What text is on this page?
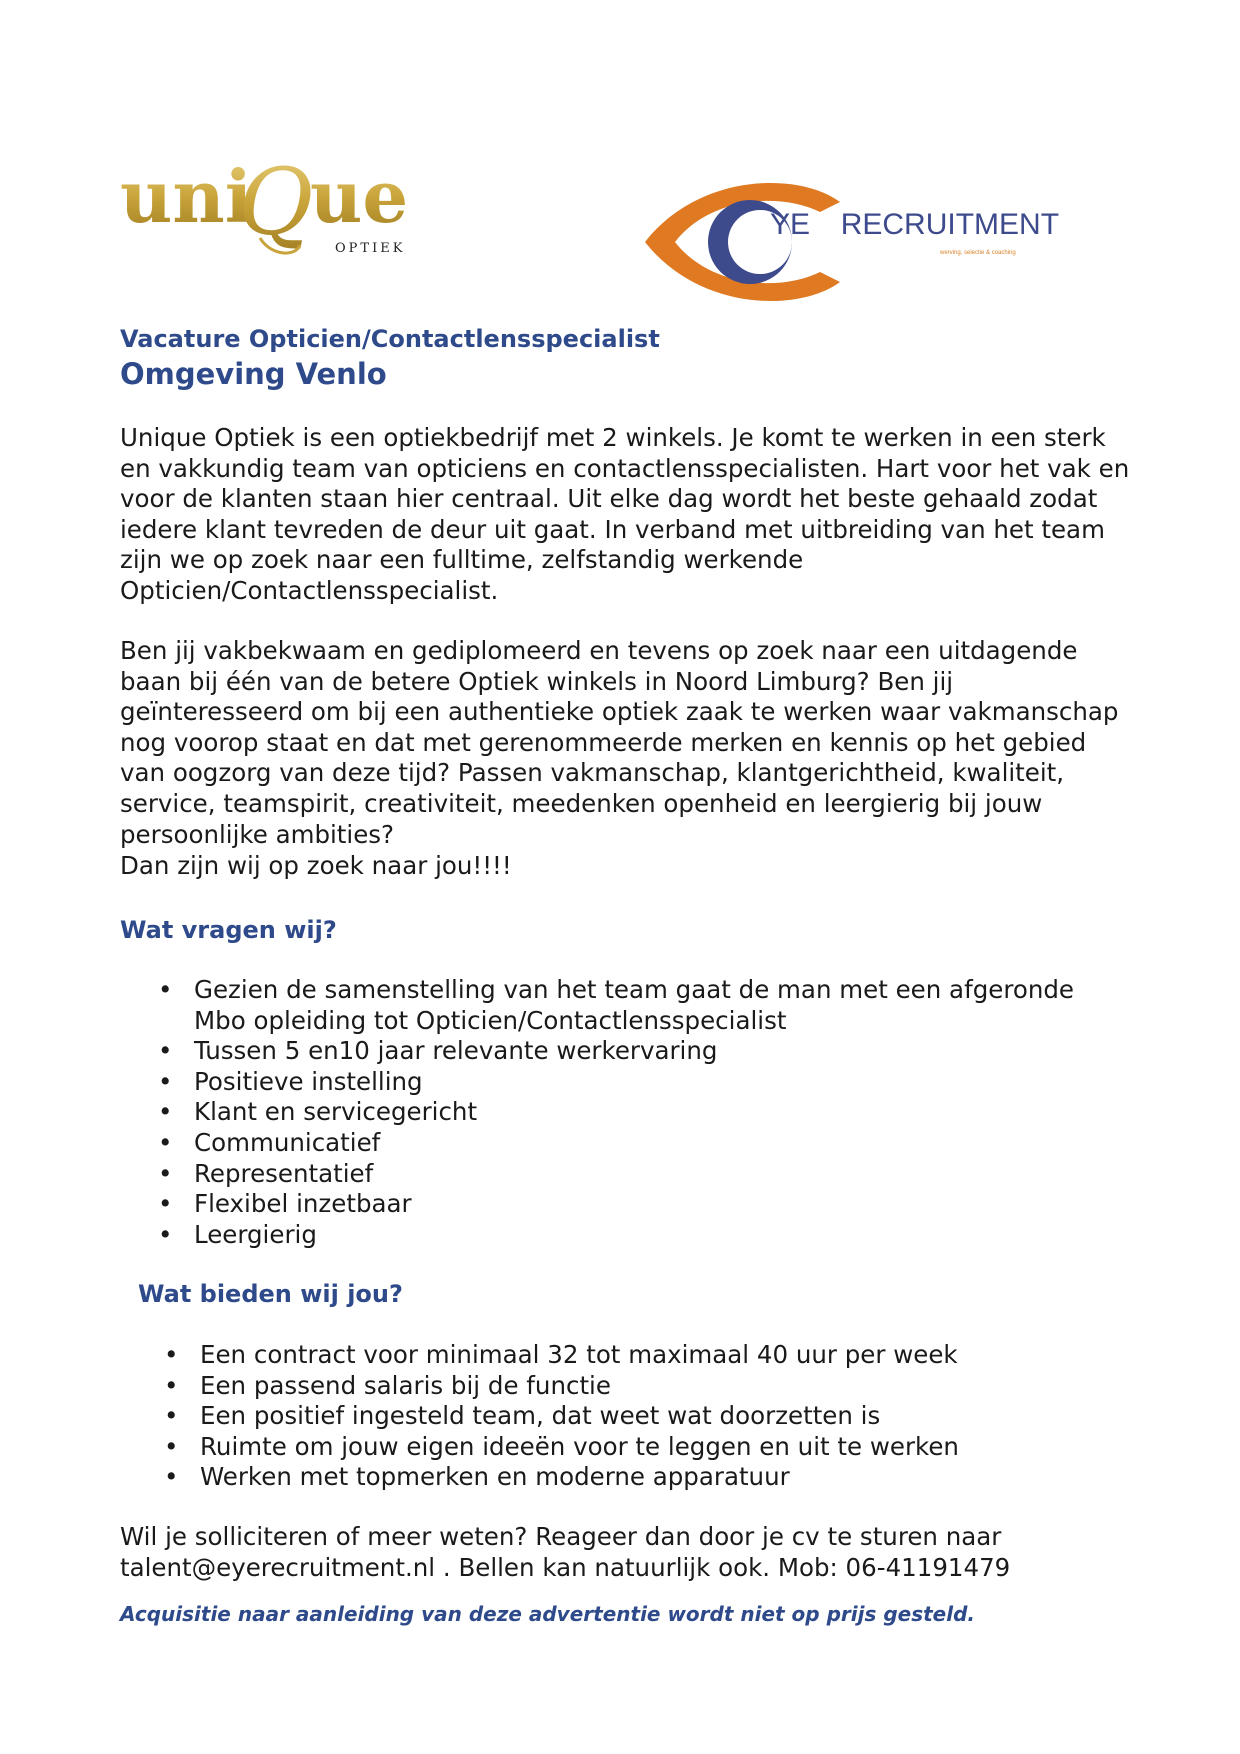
uni
Q
ue
OPTIEK
YE RECRUITMENT
werving, selectie & coaching
Vacature Opticien/Contactlensspecialist
Omgeving Venlo

Unique Optiek is een optiekbedrijf met 2 winkels. Je komt te werken in een sterk en vakkundig team van opticiens en contactlensspecialisten. Hart voor het vak en voor de klanten staan hier centraal. Uit elke dag wordt het beste gehaald zodat iedere klant tevreden de deur uit gaat. In verband met uitbreiding van het team zijn we op zoek naar een fulltime, zelfstandig werkende Opticien/Contactlensspecialist.

Ben jij vakbekwaam en gediplomeerd en tevens op zoek naar een uitdagende baan bij één van de betere Optiek winkels in Noord Limburg? Ben jij geïnteresseerd om bij een authentieke optiek zaak te werken waar vakmanschap nog voorop staat en dat met gerenommeerde merken en kennis op het gebied van oogzorg van deze tijd? Passen vakmanschap, klantgerichtheid, kwaliteit, service, teamspirit, creativiteit, meedenken openheid en leergierig bij jouw persoonlijke ambities?

Dan zijn wij op zoek naar jou!!!!

Wat vragen wij?
• Gezien de samenstelling van het team gaat de man met een afgeronde Mbo opleiding tot Opticien/Contactlensspecialist
• Tussen 5 en10 jaar relevante werkervaring
• Positieve instelling
• Klant en servicegericht
• Communicatief
• Representatief
• Flexibel inzetbaar
• Leergierig
Wat bieden wij jou?
• Een contract voor minimaal 32 tot maximaal 40 uur per week
• Een passend salaris bij de functie
• Een positief ingesteld team, dat weet wat doorzetten is
• Ruimte om jouw eigen ideeën voor te leggen en uit te werken
• Werken met topmerken en moderne apparatuur

Wil je solliciteren of meer weten? Reageer dan door je cv te sturen naar
talent@eyerecruitment.nl . Bellen kan natuurlijk ook. Mob: 06-41191479

Acquisitie naar aanleiding van deze advertentie wordt niet op prijs gesteld.
